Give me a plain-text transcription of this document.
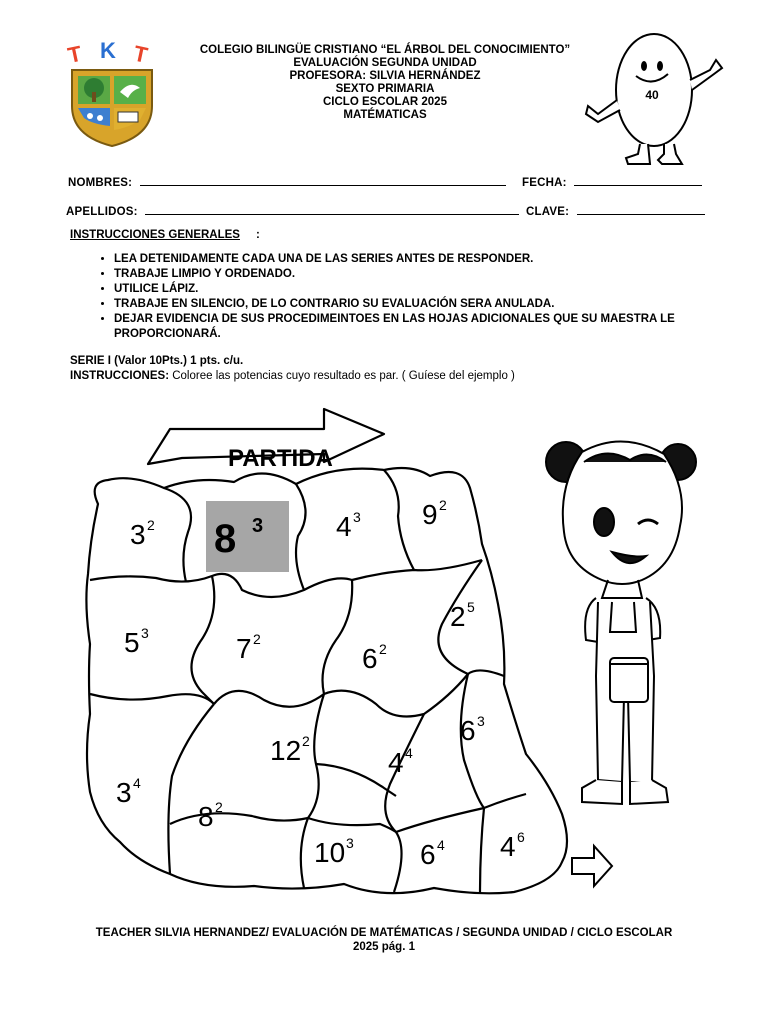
T K T	COLEGIO BILINGÜE CRISTIANO “EL ÁRBOL DEL CONOCIMIENTO”
EVALUACIÓN SEGUNDA UNIDAD
PROFESORA: SILVIA HERNÁNDEZ
SEXTO PRIMARIA
CICLO ESCOLAR 2025
MATÉMATICAS
40
NOMBRES:	FECHA:
APELLIDOS:	CLAVE:
INSTRUCCIONES GENERALES :
• LEA DETENIDAMENTE CADA UNA DE LAS SERIES ANTES DE RESPONDER.
• TRABAJE LIMPIO Y ORDENADO.
• UTILICE LÁPIZ.
• TRABAJE EN SILENCIO, DE LO CONTRARIO SU EVALUACIÓN SERA ANULADA.
• DEJAR EVIDENCIA DE SUS PROCEDIMEINTOES EN LAS HOJAS ADICIONALES QUE SU MAESTRA LE PROPORCIONARÁ.
SERIE I (Valor 10Pts.) 1 pts. c/u.
INSTRUCCIONES: Coloree las potencias cuyo resultado es par. ( Guíese del ejemplo )
8 3
PARTIDA
3 2	4 3 9 2
5 3	7 2
6 2
2 5
12 2
4 4
6 3
3 4
8 2
10 3 6 4 4 6
TEACHER SILVIA HERNANDEZ/ EVALUACIÓN DE MATÉMATICAS / SEGUNDA UNIDAD / CICLO ESCOLAR
2025 pág. 1
